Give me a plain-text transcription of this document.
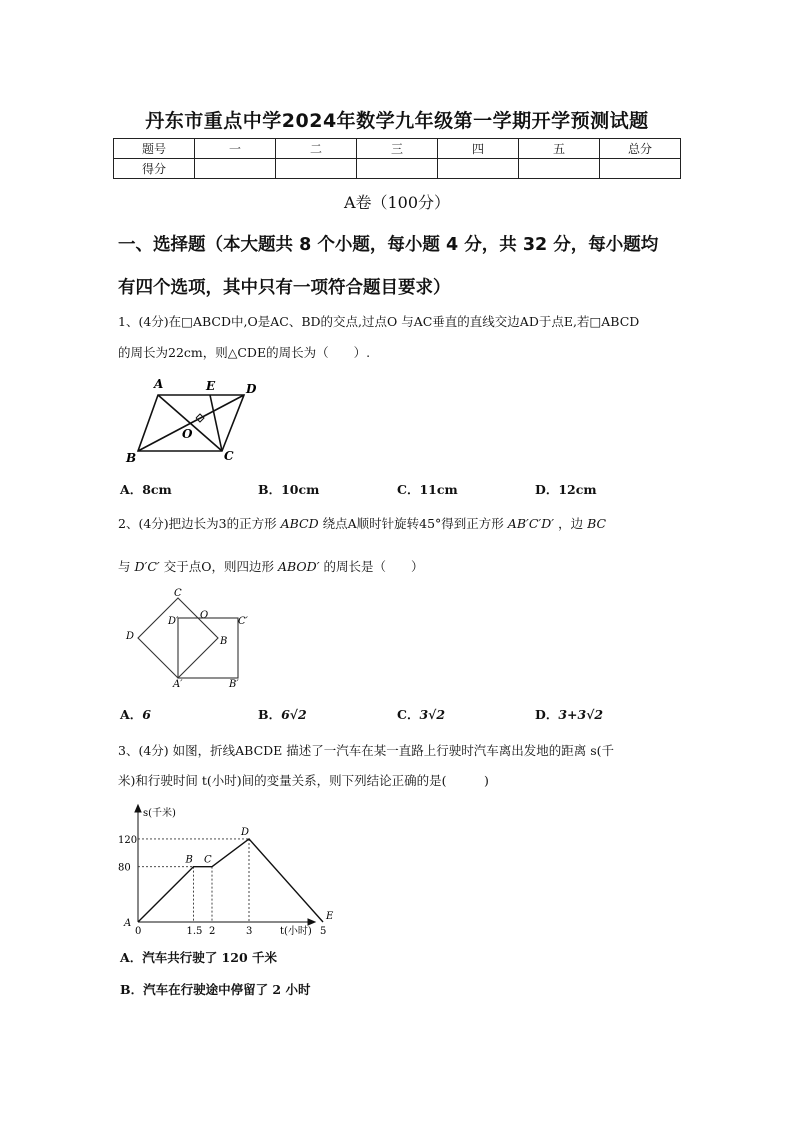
丹东市重点中学2024年数学九年级第一学期开学预测试题
题号	一	二	三	四	五	总分
得分						
A卷（100分）
一、选择题（本大题共 8 个小题，每小题 4 分，共 32 分，每小题均
有四个选项，其中只有一项符合题目要求）
1、(4分)在□ABCD中,O是AC、BD的交点,过点O 与AC垂直的直线交边AD于点E,若□ABCD
的周长为22cm，则△CDE的周长为（　　）.
A	E	D
O
B	C
A．8cm	B．10cm	C．11cm	D．12cm
2、(4分)把边长为3的正方形 ABCD 绕点A顺时针旋转45°得到正方形 AB′C′D′ ，边 BC
与 D′C′ 交于点O，则四边形 ABOD′ 的周长是（　　）
C
D′
O
C′
D	B
A′	B′
A．6	B．6√2	C．3√2	D．3+3√2
3、(4分) 如图，折线ABCDE 描述了一汽车在某一直路上行驶时汽车离出发地的距离 s(千
米)和行驶时间 t(小时)间的变量关系，则下列结论正确的是(　　　)
0	1.5 2	3	5
80
120
A
B C
D
E
s(千米)
t(小时)
A．汽车共行驶了 120 千米
B．汽车在行驶途中停留了 2 小时
